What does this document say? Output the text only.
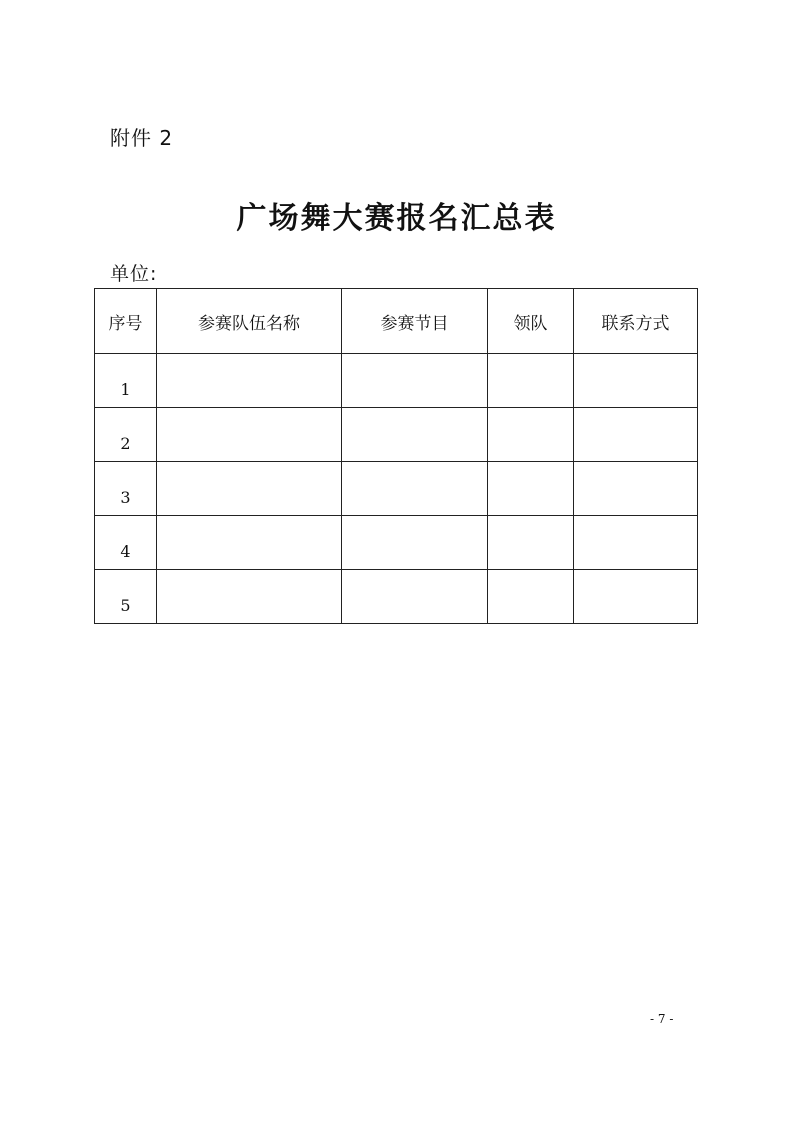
附件 2
广场舞大赛报名汇总表
单位:
序号	参赛队伍名称	参赛节目	领队	联系方式
1				
2				
3				
4				
5				
- 7 -
